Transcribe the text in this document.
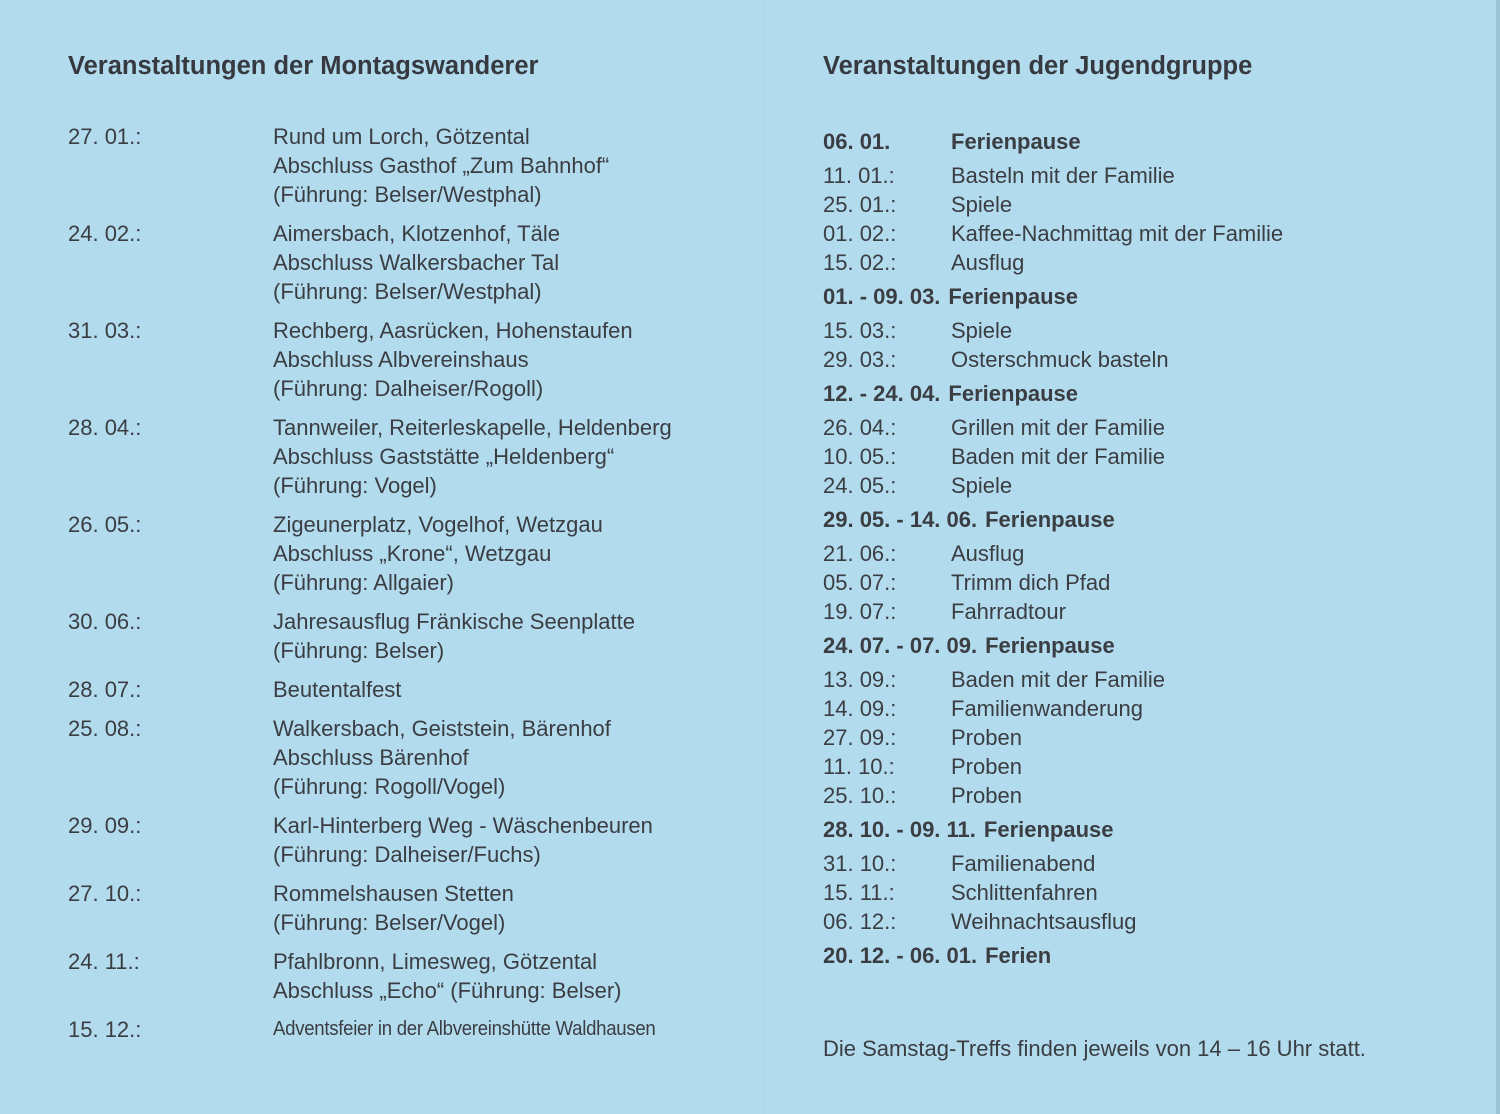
Veranstaltungen der Montagswanderer
27. 01.:	Rund um Lorch, Götzental
Abschluss Gasthof „Zum Bahnhof“
(Führung: Belser/Westphal)
24. 02.:	Aimersbach, Klotzenhof, Täle
Abschluss Walkersbacher Tal
(Führung: Belser/Westphal)
31. 03.:	Rechberg, Aasrücken, Hohenstaufen
Abschluss Albvereinshaus
(Führung: Dalheiser/Rogoll)
28. 04.:	Tannweiler, Reiterleskapelle, Heldenberg
Abschluss Gaststätte „Heldenberg“
(Führung: Vogel)
26. 05.:	Zigeunerplatz, Vogelhof, Wetzgau
Abschluss „Krone“, Wetzgau
(Führung: Allgaier)
30. 06.:	Jahresausflug Fränkische Seenplatte
(Führung: Belser)
28. 07.:	Beutentalfest
25. 08.:	Walkersbach, Geiststein, Bärenhof
Abschluss Bärenhof
(Führung: Rogoll/Vogel)
29. 09.:	Karl-Hinterberg Weg - Wäschenbeuren
(Führung: Dalheiser/Fuchs)
27. 10.:	Rommelshausen Stetten
(Führung: Belser/Vogel)
24. 11.:	Pfahlbronn, Limesweg, Götzental
Abschluss „Echo“ (Führung: Belser)
15. 12.:	Adventsfeier in der Albvereinshütte Waldhausen
Veranstaltungen der Jugendgruppe
06. 01.	Ferienpause
11. 01.:	Basteln mit der Familie
25. 01.:	Spiele
01. 02.:	Kaffee-Nachmittag mit der Familie
15. 02.:	Ausflug
01. - 09. 03. Ferienpause
15. 03.:	Spiele
29. 03.:	Osterschmuck basteln
12. - 24. 04. Ferienpause
26. 04.:	Grillen mit der Familie
10. 05.:	Baden mit der Familie
24. 05.:	Spiele
29. 05. - 14. 06. Ferienpause
21. 06.:	Ausflug
05. 07.:	Trimm dich Pfad
19. 07.:	Fahrradtour
24. 07. - 07. 09. Ferienpause
13. 09.:	Baden mit der Familie
14. 09.:	Familienwanderung
27. 09.:	Proben
11. 10.:	Proben
25. 10.:	Proben
28. 10. - 09. 11. Ferienpause
31. 10.:	Familienabend
15. 11.:	Schlittenfahren
06. 12.:	Weihnachtsausflug
20. 12. - 06. 01. Ferien
Die Samstag-Treffs finden jeweils von 14 – 16 Uhr statt.
